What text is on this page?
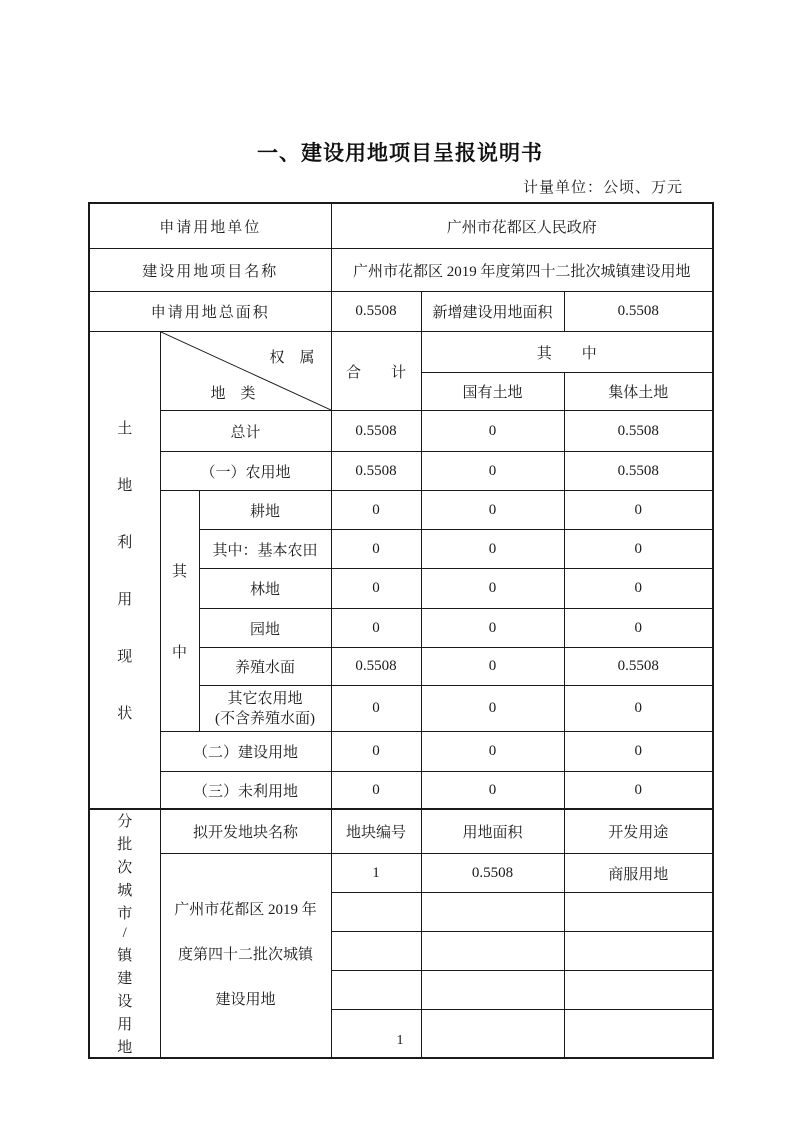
一、建设用地项目呈报说明书
计量单位：公顷、万元
申请用地单位			广州市花都区人民政府		
建设用地项目名称			广州市花都区 2019 年度第四十二批次城镇建设用地		
申请用地总面积			0.5508	新增建设用地面积	0.5508

土
地
利
用
现
状

权　属
地　类
	合　　计	其　　中
				国有土地	集体土地
	总计		0.5508	0	0.5508
	（一）农用地		0.5508	0	0.5508

	其
中	耕地	0	0	0
		其中：基本农田	0	0	0
		林地	0	0	0
		园地	0	0	0
		养殖水面	0.5508	0	0.5508

		其它农用地
(不含养殖水面)	0	0	0
	（二）建设用地		0	0	0
	（三）未利用地		0	0	0

分
批
次
城
市
/
镇
建
设
用
地
	拟开发地块名称	地块编号	用地面积	开发用途

	广州市花都区 2019 年
度第四十二批次城镇
建设用地		1	0.5508	商服用地

1
